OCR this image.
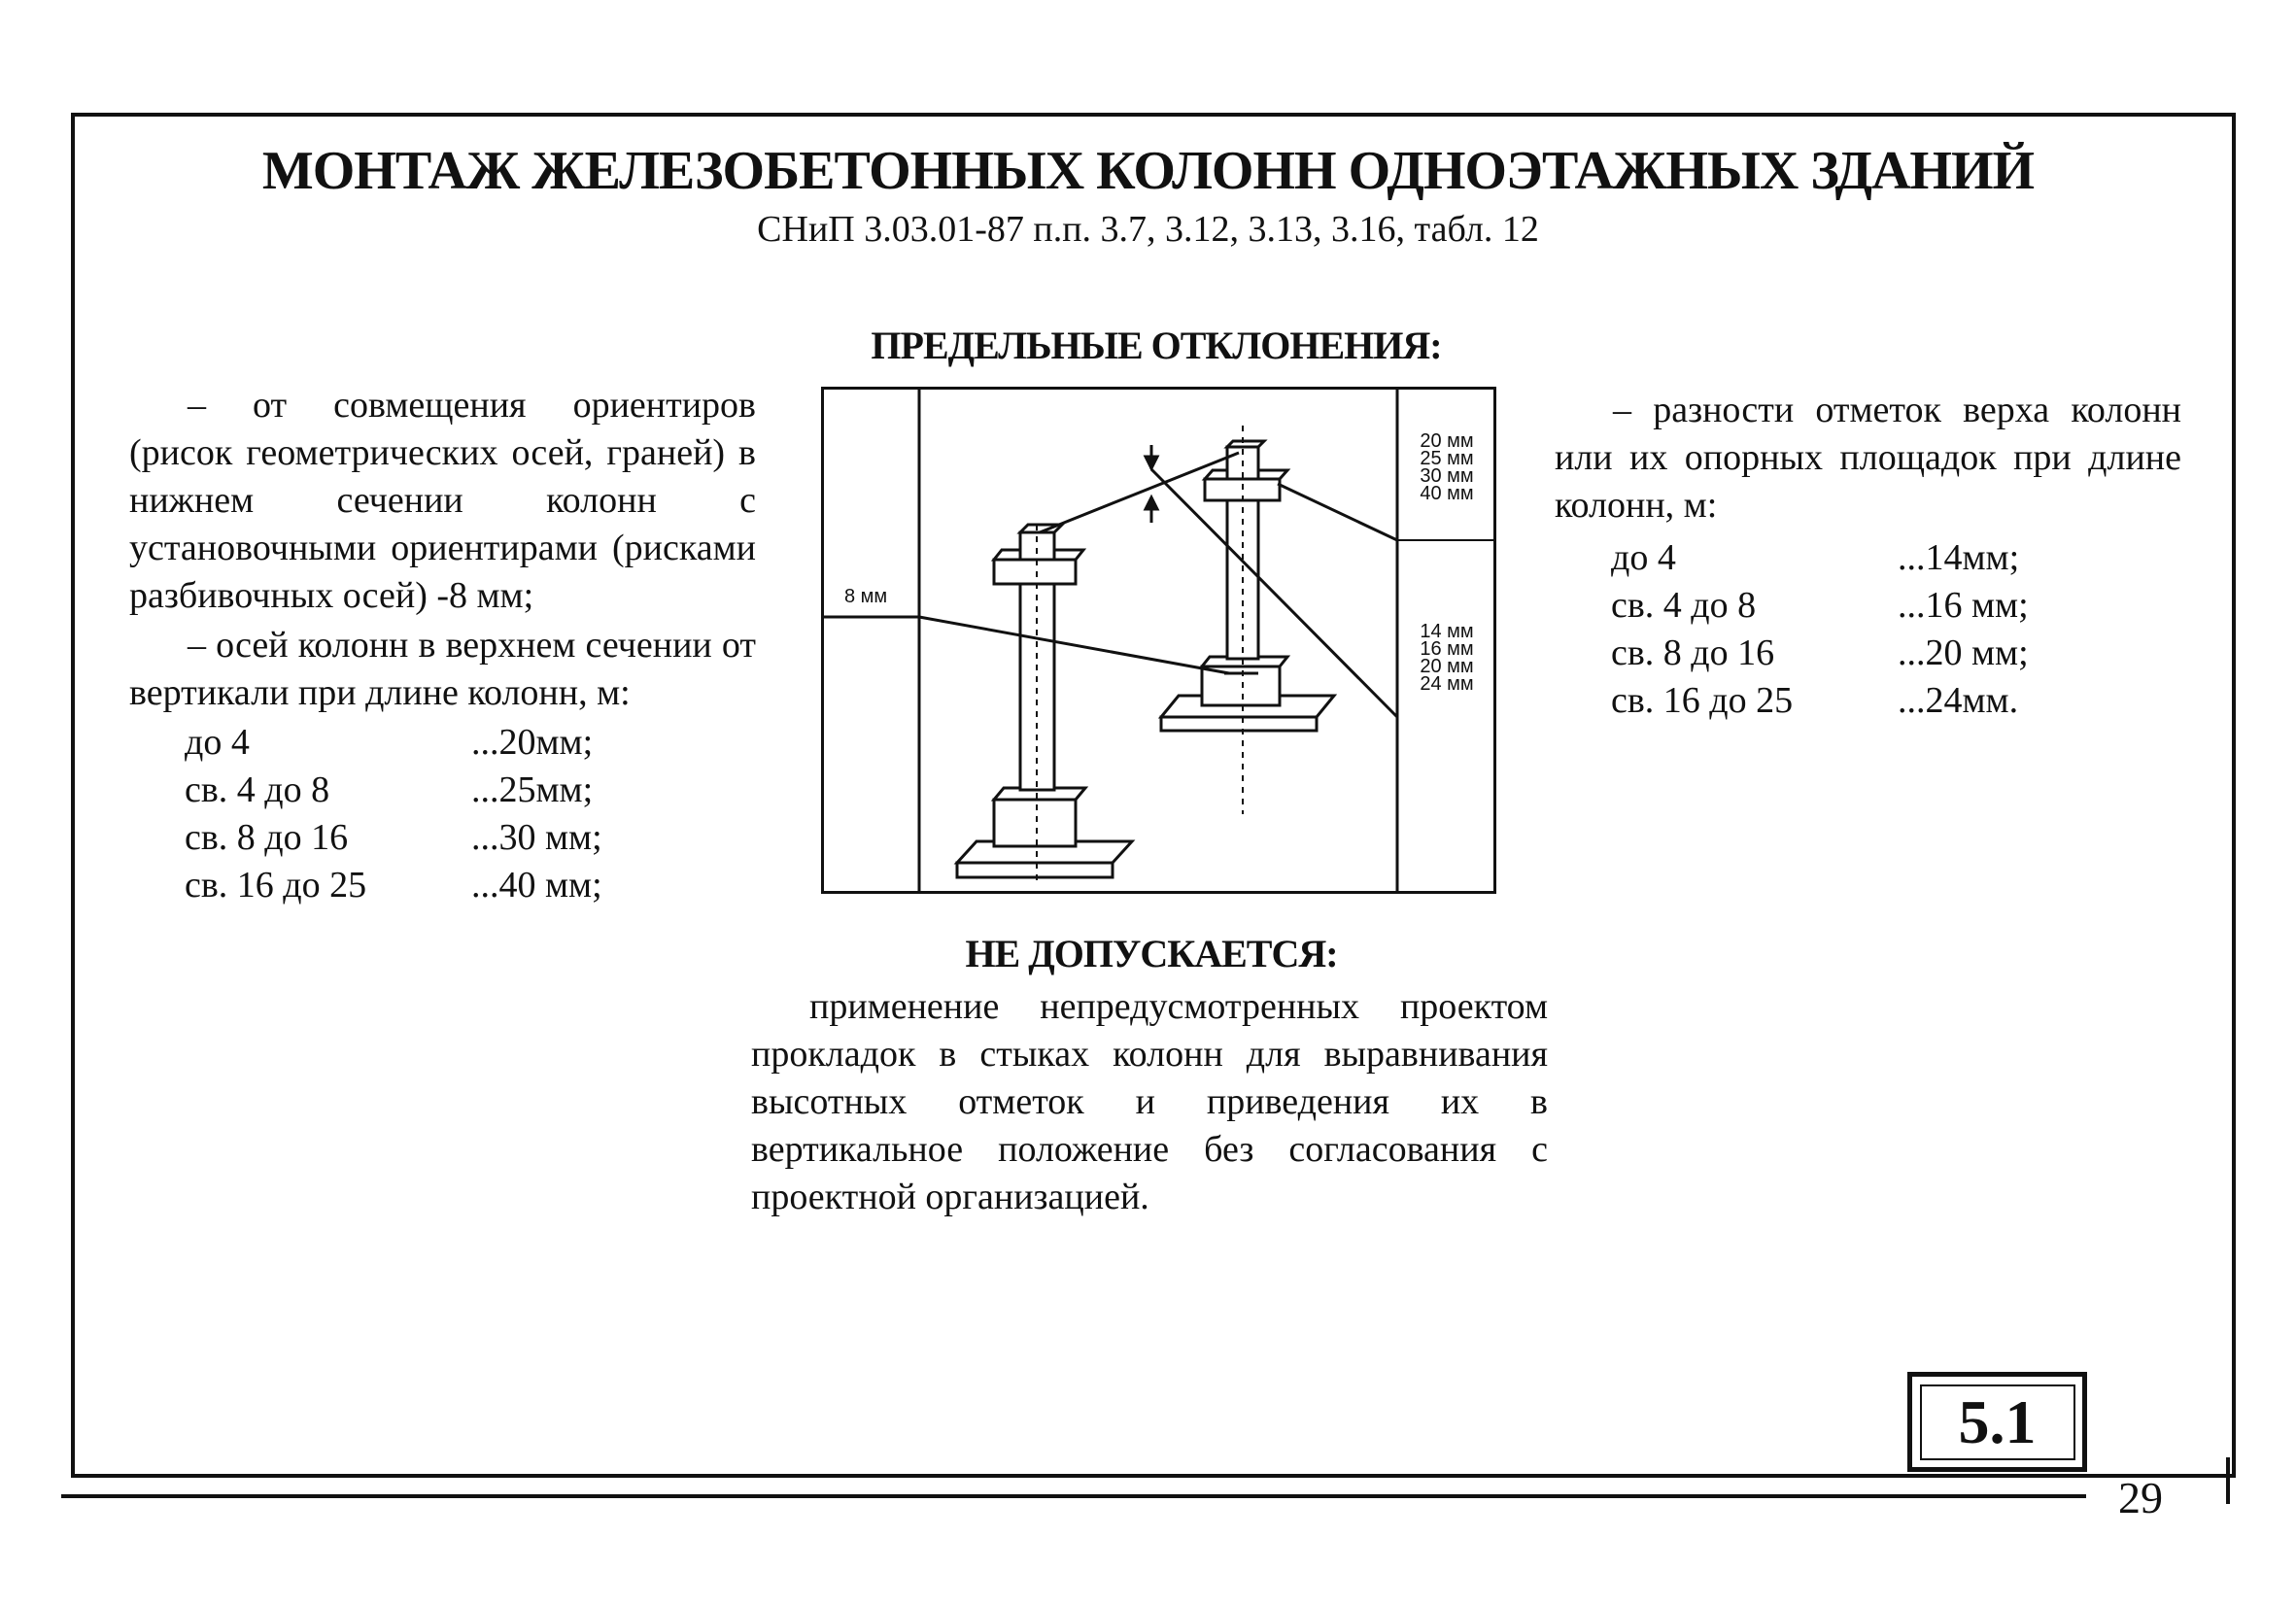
МОНТАЖ ЖЕЛЕЗОБЕТОННЫХ КОЛОНН ОДНОЭТАЖНЫХ ЗДАНИЙ
СНиП 3.03.01-87 п.п. 3.7, 3.12, 3.13, 3.16, табл. 12
ПРЕДЕЛЬНЫЕ ОТКЛОНЕНИЯ:
– от совмещения ориентиров (рисок геометрических осей, граней) в нижнем сечении колонн с установочными ориентирами (рисками разбивочных осей) -8 мм;
– осей колонн в верхнем сечении от вертикали при длине колонн, м:
до 4	...20мм;
св. 4 до 8	...25мм;
св. 8 до 16	...30 мм;
св. 16 до 25	...40 мм;
8 мм
20 мм
25 мм
30 мм
40 мм
14 мм
16 мм
20 мм
24 мм
– разности отметок верха колонн или их опорных площадок при длине колонн, м:
до 4	...14мм;
св. 4 до 8	...16 мм;
св. 8 до 16	...20 мм;
св. 16 до 25	...24мм.
НЕ ДОПУСКАЕТСЯ:
применение непредусмотренных проектом прокладок в стыках колонн для выравнивания высотных отметок и приведения их в вертикальное положение без согласования с проектной организацией.
5.1
29
